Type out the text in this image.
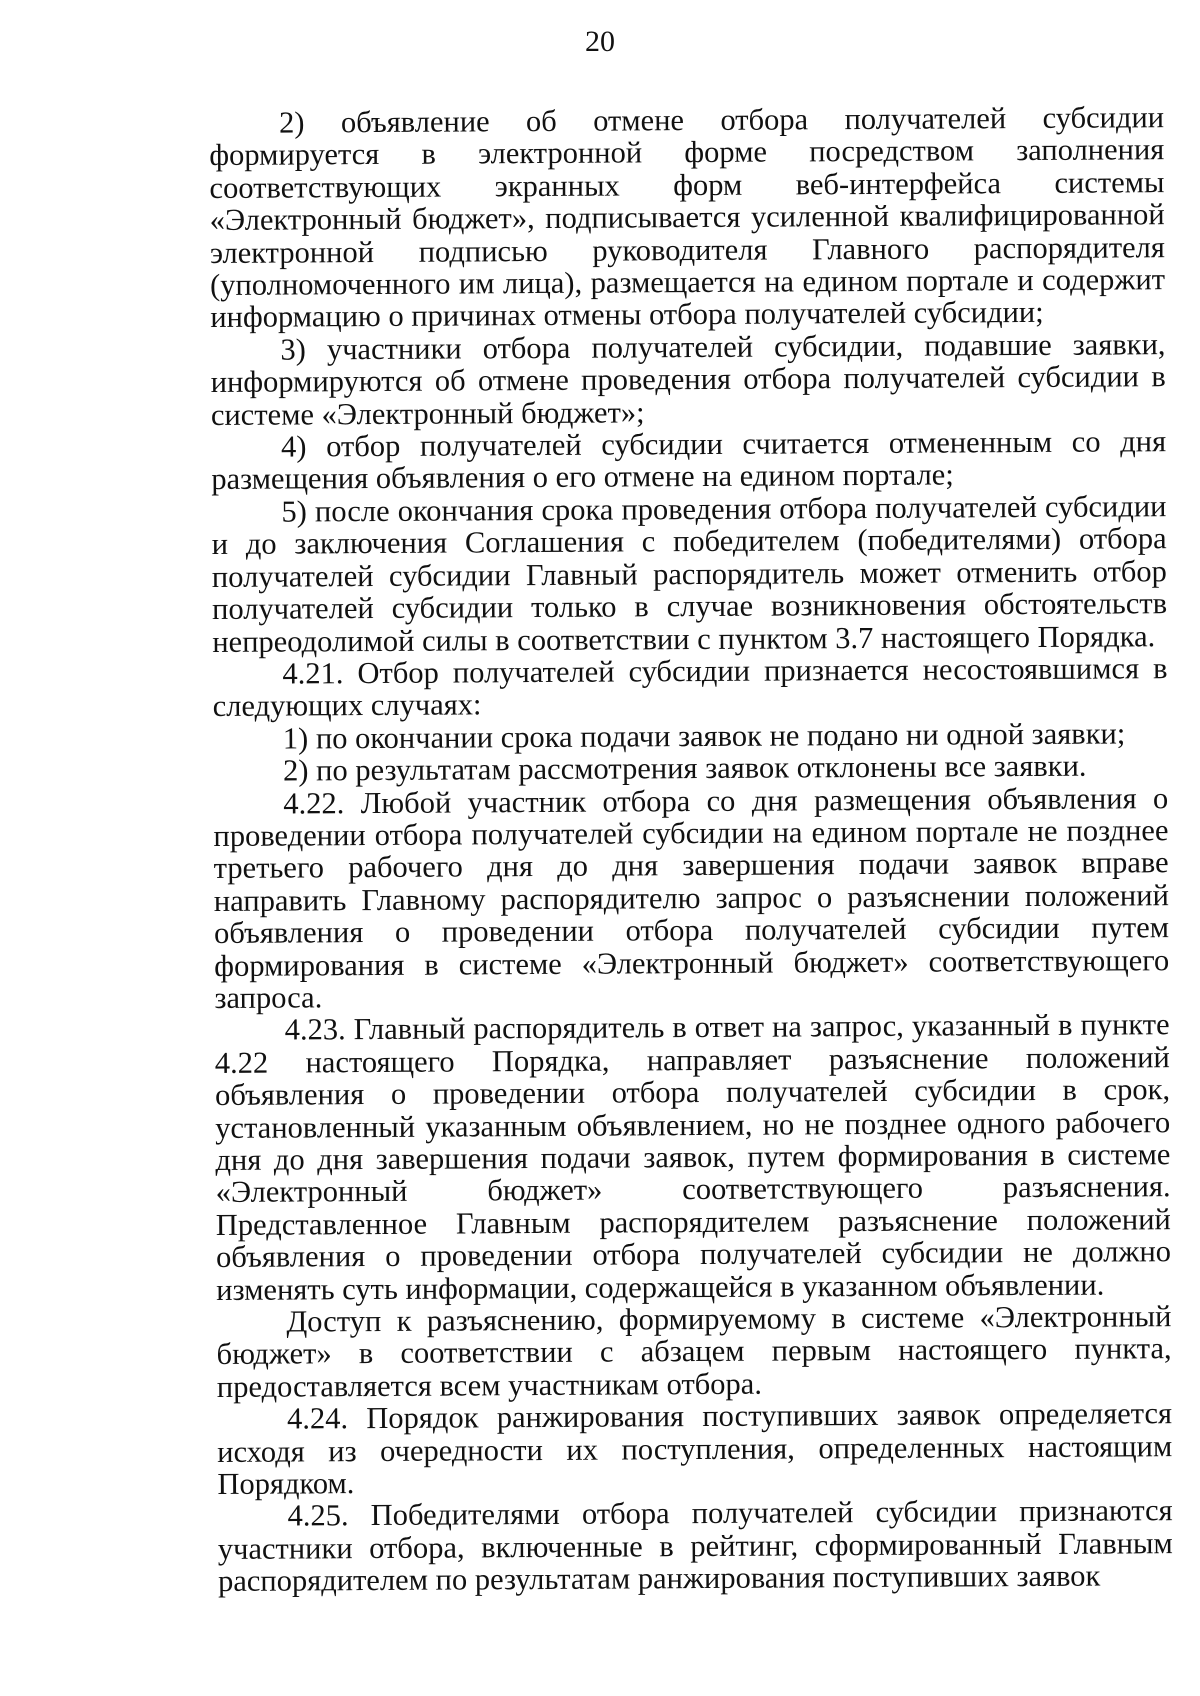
20

2) объявление об отмене отбора получателей субсидии формируется в электронной форме посредством заполнения соответствующих экранных форм веб-интерфейса системы «Электронный бюджет», подписывается усиленной квалифицированной электронной подписью руководителя Главного распорядителя (уполномоченного им лица), размещается на едином портале и содержит информацию о причинах отмены отбора получателей субсидии;

3) участники отбора получателей субсидии, подавшие заявки, информируются об отмене проведения отбора получателей субсидии в системе «Электронный бюджет»;

4) отбор получателей субсидии считается отмененным со дня размещения объявления о его отмене на едином портале;

5) после окончания срока проведения отбора получателей субсидии и до заключения Соглашения с победителем (победителями) отбора получателей субсидии Главный распорядитель может отменить отбор получателей субсидии только в случае возникновения обстоятельств непреодолимой силы в соответствии с пунктом 3.7 настоящего Порядка.

4.21. Отбор получателей субсидии признается несостоявшимся в следующих случаях:

1) по окончании срока подачи заявок не подано ни одной заявки;

2) по результатам рассмотрения заявок отклонены все заявки.

4.22. Любой участник отбора со дня размещения объявления о проведении отбора получателей субсидии на едином портале не позднее третьего рабочего дня до дня завершения подачи заявок вправе направить Главному распорядителю запрос о разъяснении положений объявления о проведении отбора получателей субсидии путем формирования в системе «Электронный бюджет» соответствующего запроса.

4.23. Главный распорядитель в ответ на запрос, указанный в пункте 4.22 настоящего Порядка, направляет разъяснение положений объявления о проведении отбора получателей субсидии в срок, установленный указанным объявлением, но не позднее одного рабочего дня до дня завершения подачи заявок, путем формирования в системе «Электронный бюджет» соответствующего разъяснения. Представленное Главным распорядителем разъяснение положений объявления о проведении отбора получателей субсидии не должно изменять суть информации, содержащейся в указанном объявлении.

Доступ к разъяснению, формируемому в системе «Электронный бюджет» в соответствии с абзацем первым настоящего пункта, предоставляется всем участникам отбора.

4.24. Порядок ранжирования поступивших заявок определяется исходя из очередности их поступления, определенных настоящим Порядком.

4.25. Победителями отбора получателей субсидии признаются участники отбора, включенные в рейтинг, сформированный Главным распорядителем по результатам ранжирования поступивших заявок
